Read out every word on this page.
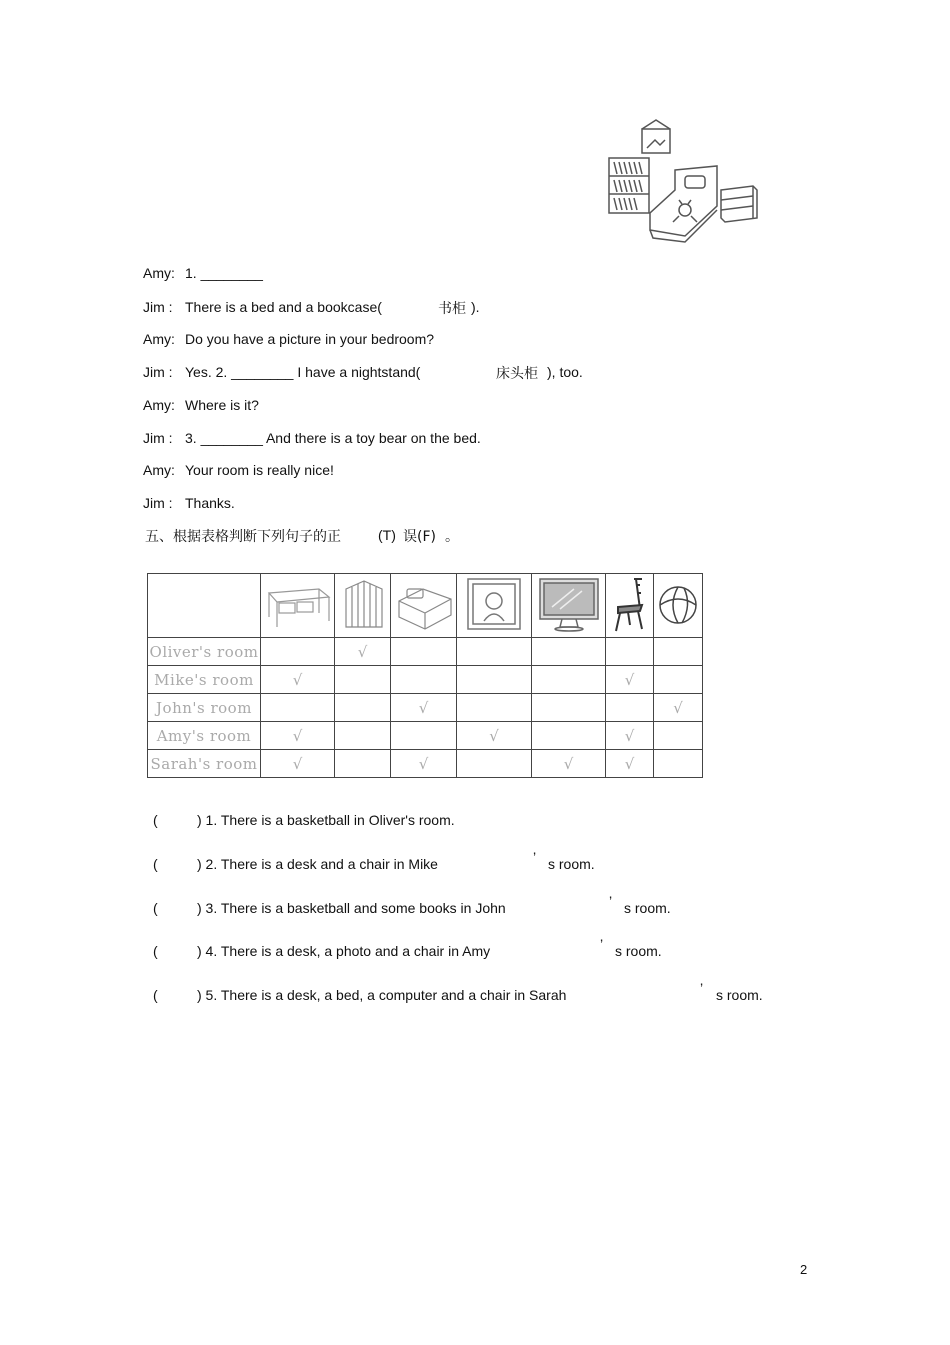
Amy: 1. ________
Jim : There is a bed and a bookcase(	书柜 ).
Amy: Do you have a picture in your bedroom?
Jim : Yes. 2. ________ I have a nightstand(	床头柜 ), too.
Amy: Where is it?
Jim : 3. ________ And there is a toy bear on the bed.
Amy: Your room is really nice!
Jim : Thanks.
五、根据表格判断下列句子的正	(T) 误(F) 。

Oliver's room		√					
Mike's room	√					√	
John's room			√				√
Amy's room	√			√		√	
Sarah's room	√		√		√	√	
(	) 1. There is a basketball in Oliver's room.
(	) 2. There is a desk and a chair in Mike	’ s room.
(	) 3. There is a basketball and some books in John	’ s room.
(	) 4. There is a desk, a photo and a chair in Amy	’ s room.
(	) 5. There is a desk, a bed, a computer and a chair in Sarah	’ s room.
2
